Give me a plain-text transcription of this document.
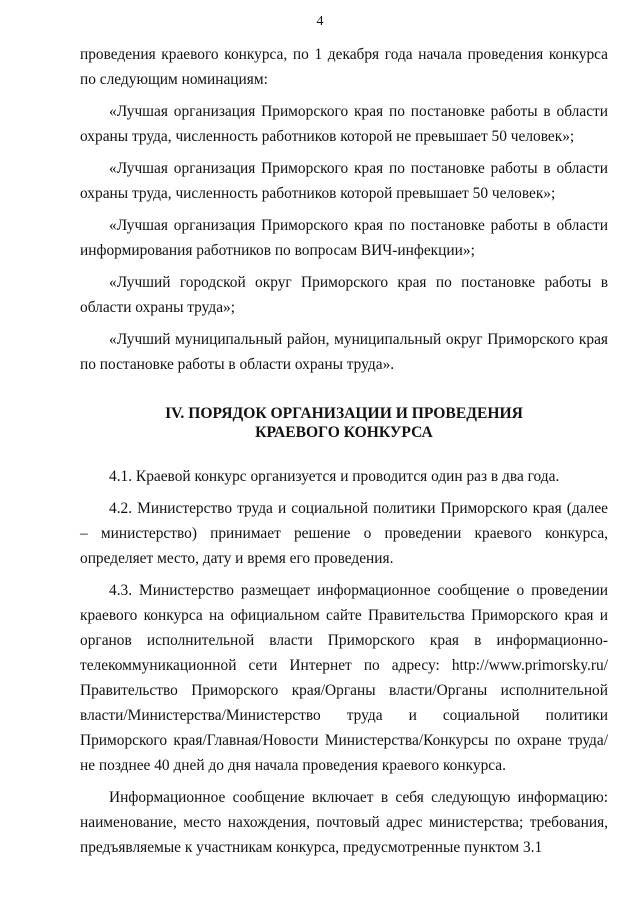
4

проведения краевого конкурса, по 1 декабря года начала проведения конкурса по следующим номинациям:

«Лучшая организация Приморского края по постановке работы в области охраны труда, численность работников которой не превышает 50 человек»;

«Лучшая организация Приморского края по постановке работы в области охраны труда, численность работников которой превышает 50 человек»;

«Лучшая организация Приморского края по постановке работы в области информирования работников по вопросам ВИЧ-инфекции»;

«Лучший городской округ Приморского края по постановке работы в области охраны труда»;

«Лучший муниципальный район, муниципальный округ Приморского края по постановке работы в области охраны труда».

IV. ПОРЯДОК ОРГАНИЗАЦИИ И ПРОВЕДЕНИЯ
КРАЕВОГО КОНКУРСА

4.1. Краевой конкурс организуется и проводится один раз в два года.

4.2. Министерство труда и социальной политики Приморского края (далее – министерство) принимает решение о проведении краевого конкурса, определяет место, дату и время его проведения.

4.3. Министерство размещает информационное сообщение о проведении краевого конкурса на официальном сайте Правительства Приморского края и органов исполнительной власти Приморского края в информационно-телекоммуникационной сети Интернет по адресу: http://www.primorsky.ru/ Правительство Приморского края/Органы власти/Органы исполнительной власти/Министерства/Министерство труда и социальной политики Приморского края/Главная/Новости Министерства/Конкурсы по охране труда/ не позднее 40 дней до дня начала проведения краевого конкурса.

Информационное сообщение включает в себя следующую информацию: наименование, место нахождения, почтовый адрес министерства; требования, предъявляемые к участникам конкурса, предусмотренные пунктом 3.1
